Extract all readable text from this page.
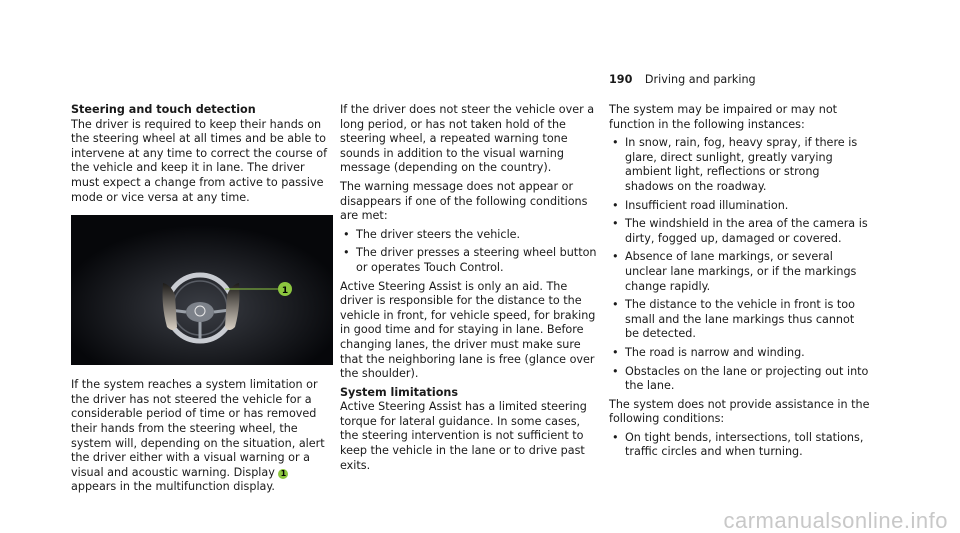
190 Driving and parking

Steering and touch detection
The driver is required to keep their hands on the steering wheel at all times and be able to intervene at any time to correct the course of the vehicle and keep it in lane. The driver must expect a change from active to passive mode or vice versa at any time.

1

If the system reaches a system limitation or the driver has not steered the vehicle for a considerable period of time or has removed their hands from the steering wheel, the system will, depending on the situation, alert the driver either with a visual warning or a visual and acoustic warning. Display 1 appears in the multifunction display.

If the driver does not steer the vehicle over a long period, or has not taken hold of the steering wheel, a repeated warning tone sounds in addition to the visual warning message (depending on the country).

The warning message does not appear or disappears if one of the following conditions are met:

• The driver steers the vehicle.
• The driver presses a steering wheel button or operates Touch Control.

Active Steering Assist is only an aid. The driver is responsible for the distance to the vehicle in front, for vehicle speed, for braking in good time and for staying in lane. Before changing lanes, the driver must make sure that the neighboring lane is free (glance over the shoulder).

System limitations
Active Steering Assist has a limited steering torque for lateral guidance. In some cases, the steering intervention is not sufficient to keep the vehicle in the lane or to drive past exits.

The system may be impaired or may not function in the following instances:

• In snow, rain, fog, heavy spray, if there is glare, direct sunlight, greatly varying ambient light, reflections or strong shadows on the roadway.
• Insufficient road illumination.
• The windshield in the area of the camera is dirty, fogged up, damaged or covered.
• Absence of lane markings, or several unclear lane markings, or if the markings change rapidly.
• The distance to the vehicle in front is too small and the lane markings thus cannot be detected.
• The road is narrow and winding.
• Obstacles on the lane or projecting out into the lane.

The system does not provide assistance in the following conditions:

• On tight bends, intersections, toll stations, traffic circles and when turning.
carmanualsonline.info
